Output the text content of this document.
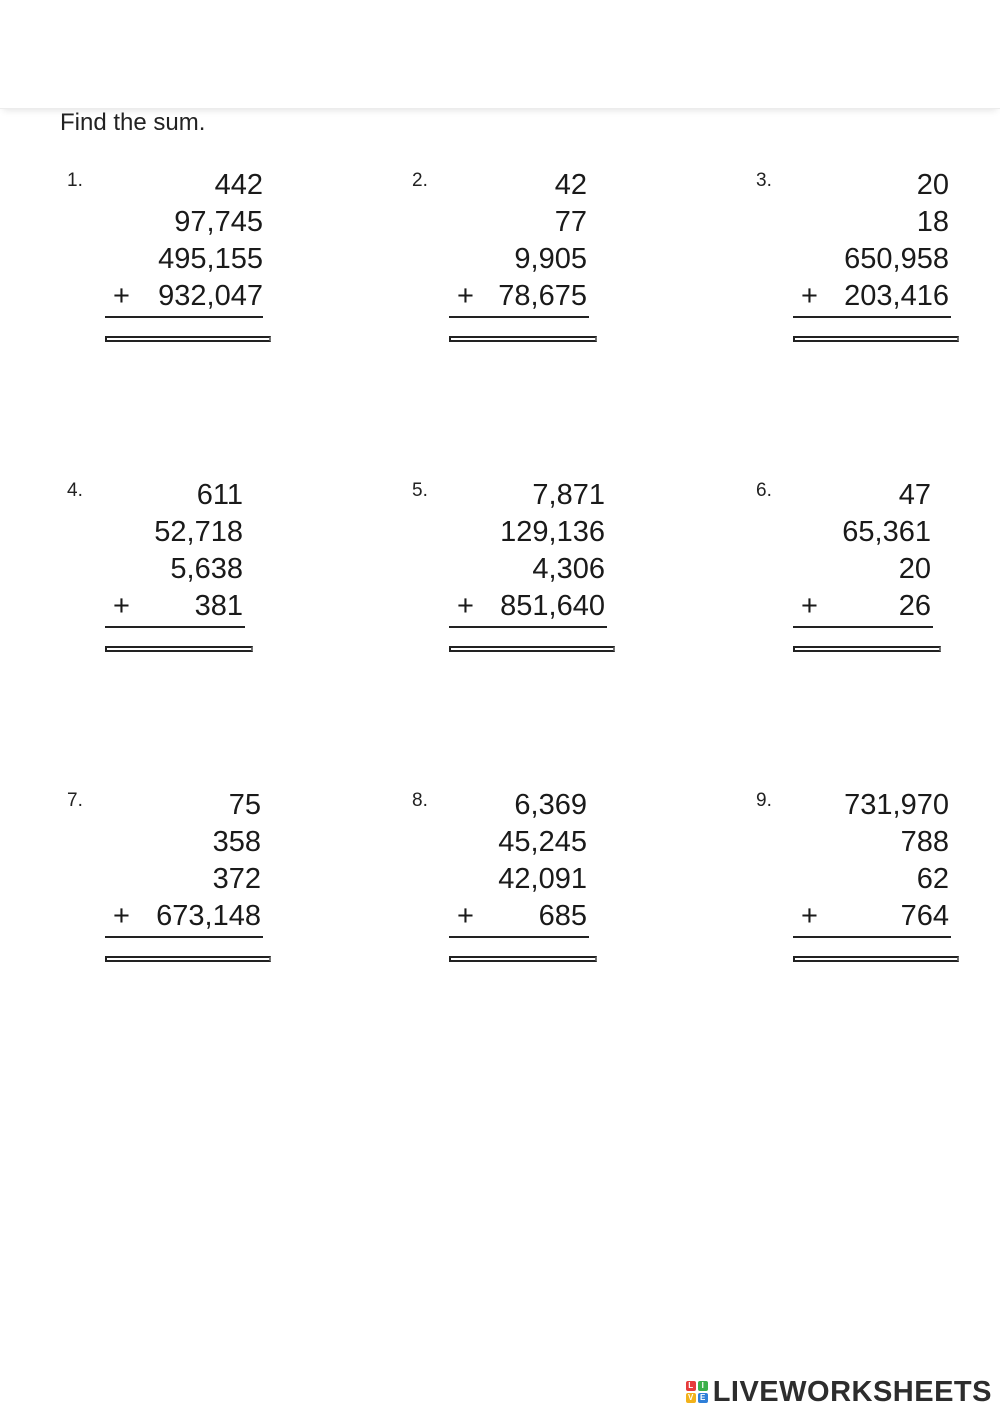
Find the sum.
1.	442
97,745
495,155
+ 932,047
2.	42
77
9,905
+ 78,675
3.	20
18
650,958
+ 203,416
4.	611
52,718
5,638
+ 381
5.	7,871
129,136
4,306
+ 851,640
6.	47
65,361
20
+	26
7.	75
358
372
+ 673,148
8.	6,369
45,245
42,091
+ 685
9. 731,970
788
62
+	764
L	I
V E LIVEWORKSHEETS
